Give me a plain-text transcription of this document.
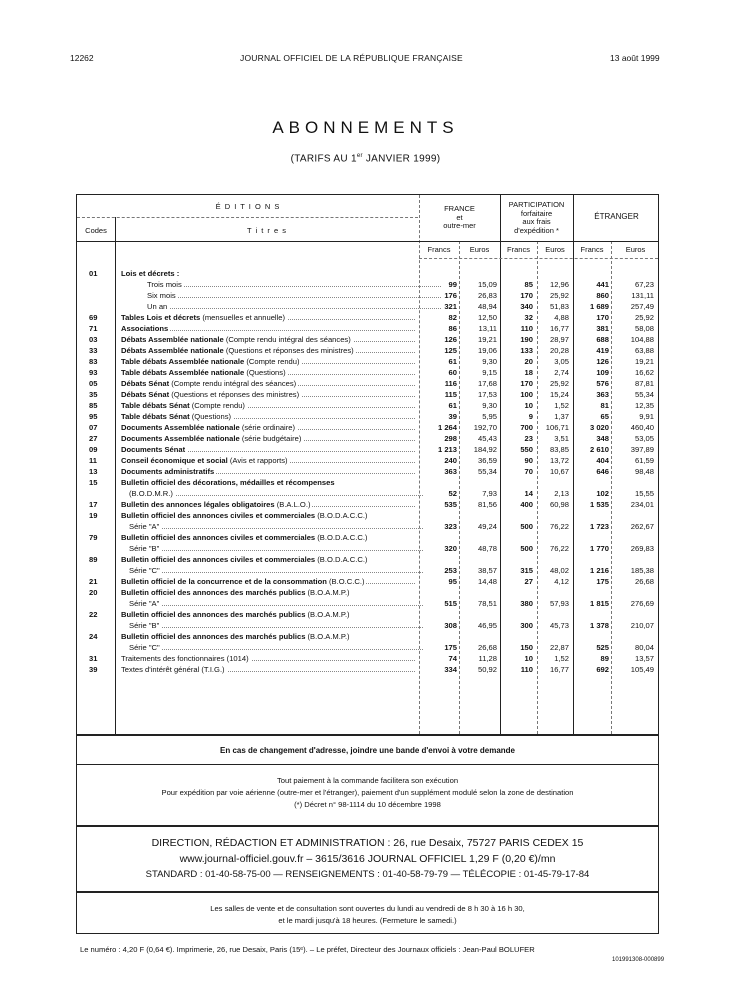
12262	JOURNAL OFFICIEL DE LA RÉPUBLIQUE FRANÇAISE	13 août 1999
ABONNEMENTS
(TARIFS AU 1er JANVIER 1999)
É D I T I O N S
Codes	T i t r e s
FRANCE
et
outre-mer
PARTICIPATION
forfaitaire
aux frais
d'expédition *
ÉTRANGER
Francs	Euros	Francs	Euros	Francs	Euros
01	Lois et décrets :
Trois mois	99	15,09	85	12,96	441	67,23
Six mois	176	26,83	170	25,92	860	131,11
Un an	321	48,94	340	51,83	1 689	257,49
69	Tables Lois et décrets (mensuelles et annuelle)	82	12,50	32	4,88	170	25,92
71	Associations	86	13,11	110	16,77	381	58,08
03	Débats Assemblée nationale (Compte rendu intégral des séances)	126	19,21	190	28,97	688	104,88
33	Débats Assemblée nationale (Questions et réponses des ministres)	125	19,06	133	20,28	419	63,88
83	Table débats Assemblée nationale (Compte rendu)	61	9,30	20	3,05	126	19,21
93	Table débats Assemblée nationale (Questions)	60	9,15	18	2,74	109	16,62
05	Débats Sénat (Compte rendu intégral des séances)	116	17,68	170	25,92	576	87,81
35	Débats Sénat (Questions et réponses des ministres)	115	17,53	100	15,24	363	55,34
85	Table débats Sénat (Compte rendu)	61	9,30	10	1,52	81	12,35
95	Table débats Sénat (Questions)	39	5,95	9	1,37	65	9,91
07	Documents Assemblée nationale (série ordinaire)	1 264	192,70	700	106,71	3 020	460,40
27	Documents Assemblée nationale (série budgétaire)	298	45,43	23	3,51	348	53,05
09	Documents Sénat	1 213	184,92	550	83,85	2 610	397,89
11	Conseil économique et social (Avis et rapports)	240	36,59	90	13,72	404	61,59
13	Documents administratifs	363	55,34	70	10,67	646	98,48
15	Bulletin officiel des décorations, médailles et récompenses
(B.O.D.M.R.)	52	7,93	14	2,13	102	15,55
17	Bulletin des annonces légales obligatoires (B.A.L.O.)	535	81,56	400	60,98	1 535	234,01
19	Bulletin officiel des annonces civiles et commerciales (B.O.D.A.C.C.)
Série "A"	323	49,24	500	76,22	1 723	262,67
79	Bulletin officiel des annonces civiles et commerciales (B.O.D.A.C.C.)
Série "B"	320	48,78	500	76,22	1 770	269,83
89	Bulletin officiel des annonces civiles et commerciales (B.O.D.A.C.C.)
Série "C"	253	38,57	315	48,02	1 216	185,38
21	Bulletin officiel de la concurrence et de la consommation (B.O.C.C.)	95	14,48	27	4,12	175	26,68
20	Bulletin officiel des annonces des marchés publics (B.O.A.M.P.)
Série "A"	515	78,51	380	57,93	1 815	276,69
22	Bulletin officiel des annonces des marchés publics (B.O.A.M.P.)
Série "B"	308	46,95	300	45,73	1 378	210,07
24	Bulletin officiel des annonces des marchés publics (B.O.A.M.P.)
Série "C"	175	26,68	150	22,87	525	80,04
31	Traitements des fonctionnaires (1014)	74	11,28	10	1,52	89	13,57
39	Textes d'intérêt général (T.I.G.)	334	50,92	110	16,77	692	105,49
En cas de changement d'adresse, joindre une bande d'envoi à votre demande
Tout paiement à la commande facilitera son exécution
Pour expédition par voie aérienne (outre-mer et l'étranger), paiement d'un supplément modulé selon la zone de destination
(*) Décret n° 98-1114 du 10 décembre 1998
DIRECTION, RÉDACTION ET ADMINISTRATION : 26, rue Desaix, 75727 PARIS CEDEX 15
www.journal-officiel.gouv.fr – 3615/3616 JOURNAL OFFICIEL 1,29 F (0,20 €)/mn
STANDARD : 01-40-58-75-00 — RENSEIGNEMENTS : 01-40-58-79-79 — TÉLÉCOPIE : 01-45-79-17-84
Les salles de vente et de consultation sont ouvertes du lundi au vendredi de 8 h 30 à 16 h 30,
et le mardi jusqu'à 18 heures. (Fermeture le samedi.)
Le numéro : 4,20 F (0,64 €). Imprimerie, 26, rue Desaix, Paris (15ᵉ). – Le préfet, Directeur des Journaux officiels : Jean-Paul BOLUFER
101991308-000899
